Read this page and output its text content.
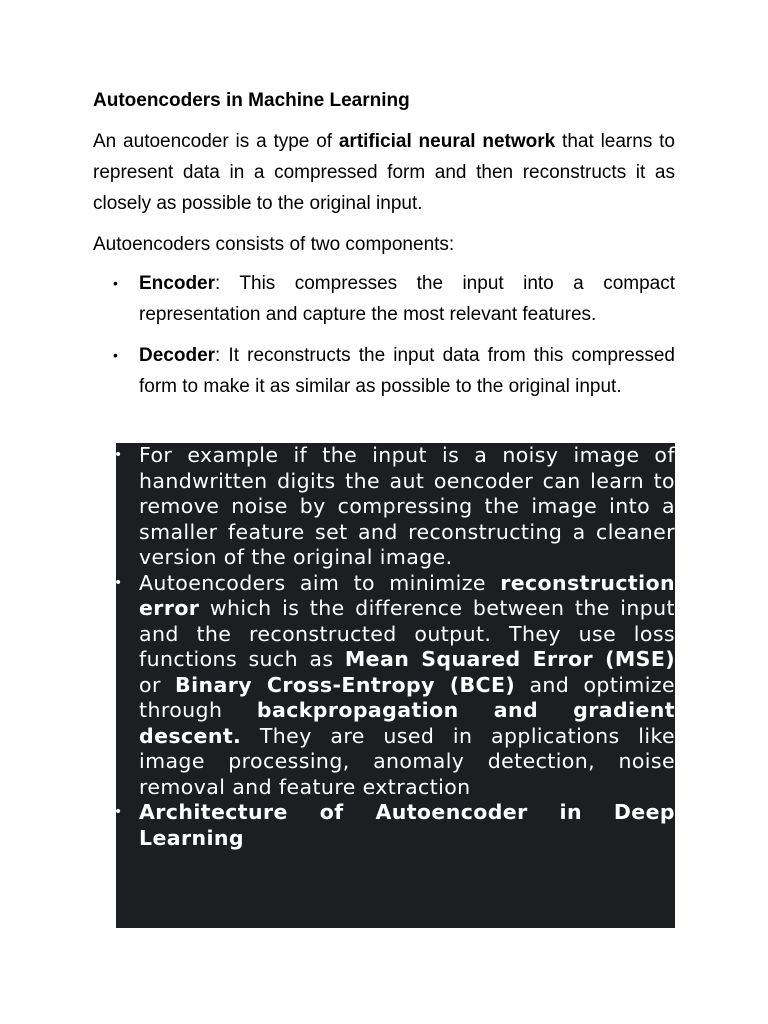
Autoencoders in Machine Learning

An autoencoder is a type of artificial neural network that learns to represent data in a compressed form and then reconstructs it as closely as possible to the original input.

Autoencoders consists of two components:

• Encoder: This compresses the input into a compact representation and capture the most relevant features.
• Decoder: It reconstructs the input data from this compressed form to make it as similar as possible to the original input.
• For example if the input is a noisy image of handwritten digits the aut oencoder can learn to remove noise by compressing the image into a smaller feature set and reconstructing a cleaner version of the original image.
• Autoencoders aim to minimize reconstruction error which is the difference between the input and the reconstructed output. They use loss functions such as Mean Squared Error (MSE) or Binary Cross-Entropy (BCE) and optimize through backpropagation and gradient descent. They are used in applications like image processing, anomaly detection, noise removal and feature extraction
• Architecture of Autoencoder in Deep Learning
